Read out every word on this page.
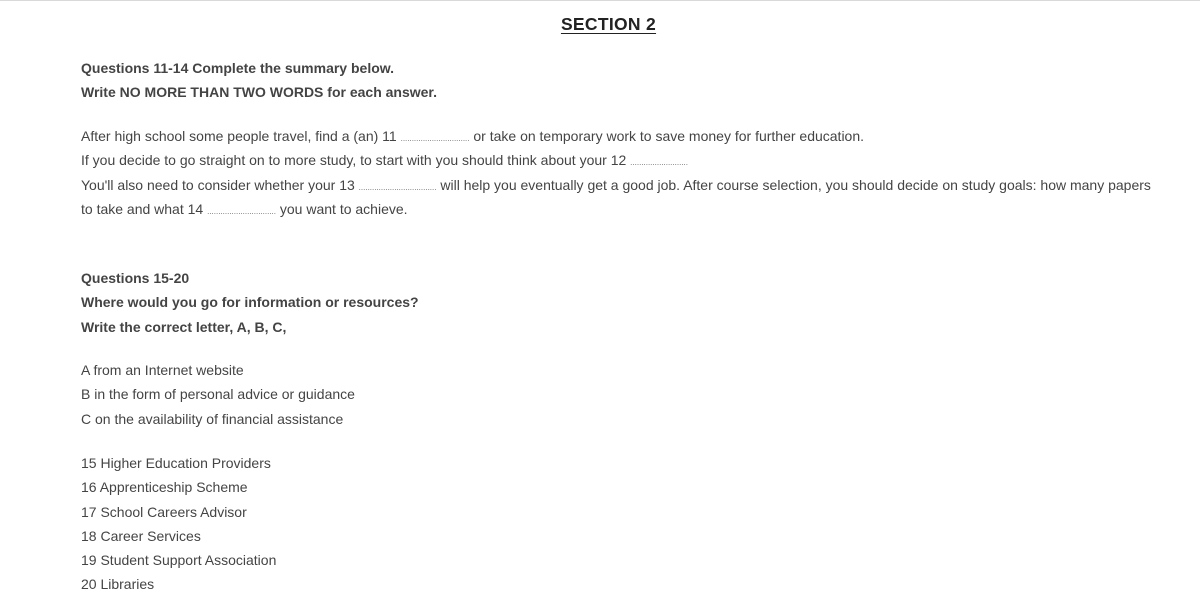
SECTION 2
Questions 11-14 Complete the summary below.
Write NO MORE THAN TWO WORDS for each answer.
After high school some people travel, find a (an) 11 ............................... or take on temporary work to save money for further education.
If you decide to go straight on to more study, to start with you should think about your 12 ..........................
You'll also need to consider whether your 13 ................................... will help you eventually get a good job. After course selection, you should decide on study goals: how many papers
to take and what 14 ............................... you want to achieve.
Questions 15-20
Where would you go for information or resources?
Write the correct letter, A, B, C,
A from an Internet website
B in the form of personal advice or guidance
C on the availability of financial assistance
15 Higher Education Providers
16 Apprenticeship Scheme
17 School Careers Advisor
18 Career Services
19 Student Support Association
20 Libraries
